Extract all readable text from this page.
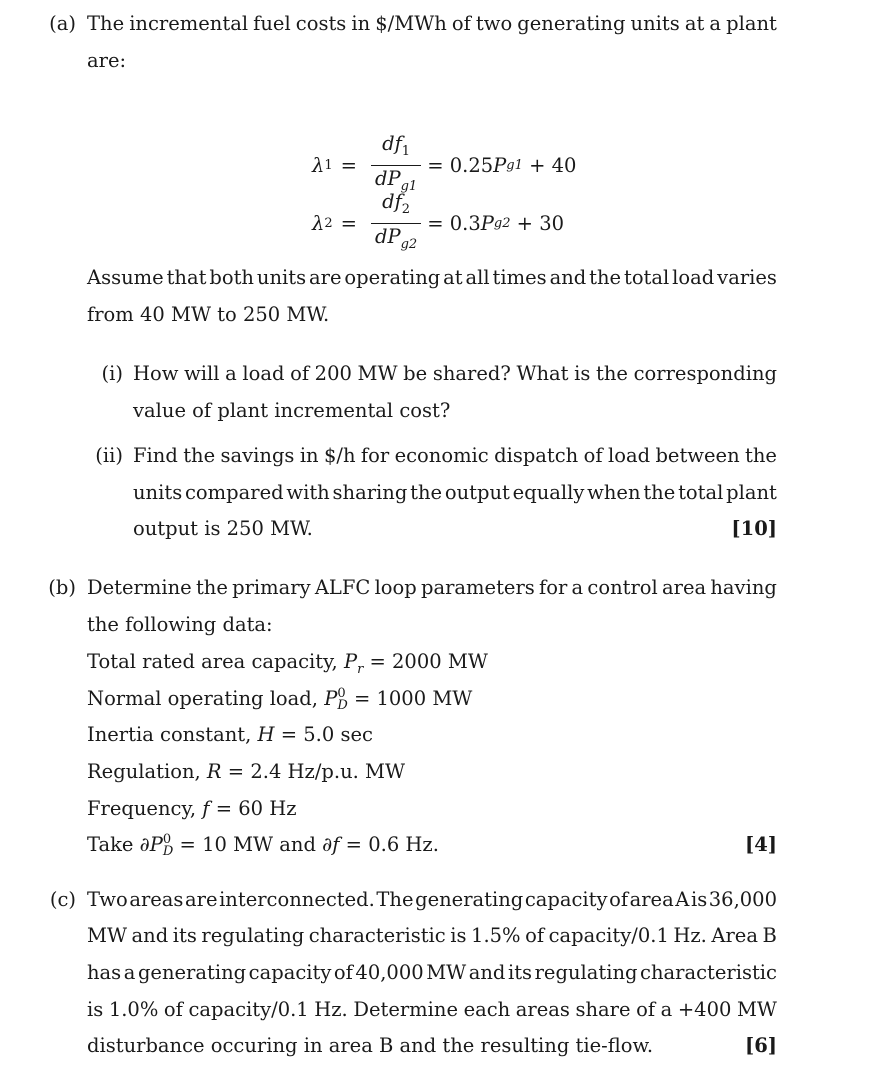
(a) The incremental fuel costs in $/MWh of two generating units at a plant
are:
λ $1 = \frac{df_1}{dP_{g1}} = 0.25$ P g1
+ 40
λ $2 = \frac{df_2}{dP_{g2}} = 0.3$ P g2
+ 30
Assume that both units are operating at all times and the total load varies
from 40 MW to 250 MW.
(i) How will a load of 200 MW be shared? What is the corresponding
value of plant incremental cost?
(ii) Find the savings in $/h for economic dispatch of load between the
units compared with sharing the output equally when the total plant
output is 250 MW.	[10]
(b) Determine the primary ALFC loop parameters for a control area having
the following data:
Total rated area capacity, $P_r = 2000$ MW
Normal operating load, P 0
D = 1000 MW
Inertia constant, H = 5.0 sec
Regulation, R = 2.4 Hz/p.u. MW
Frequency, f = 60 Hz
Take ∂P 0
D = 10 MW and ∂f = 0.6 Hz.	[4]
(c) Two areas are interconnected. The generating capacity of area A is 36,000
MW and its regulating characteristic is 1.5% of capacity/0.1 Hz. Area B
has a generating capacity of 40,000 MW and its regulating characteristic
is 1.0% of capacity/0.1 Hz. Determine each areas share of a +400 MW
disturbance occuring in area B and the resulting tie-flow.	[6]
